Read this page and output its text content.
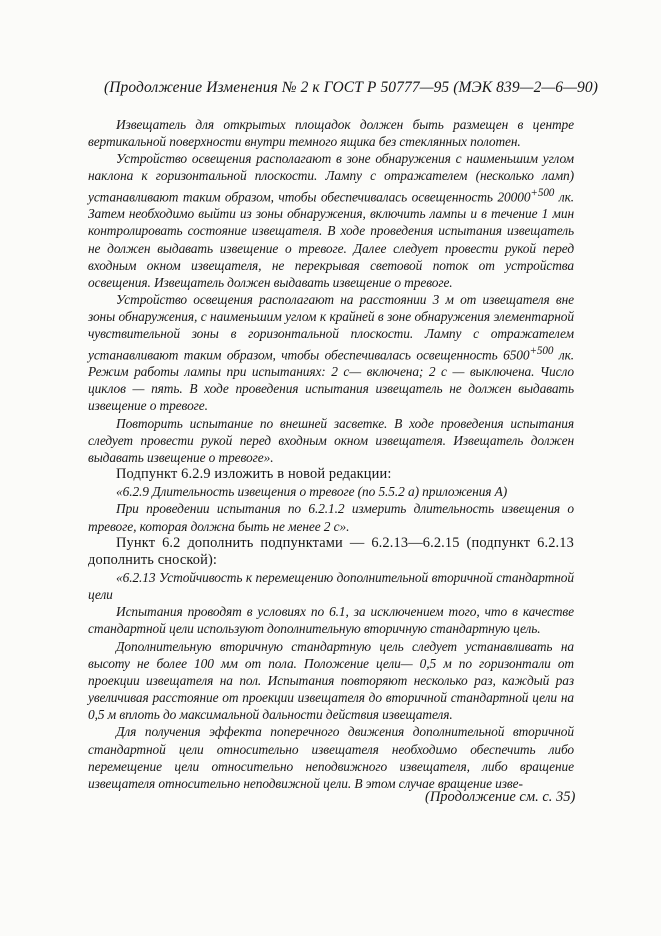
(Продолжение Изменения № 2 к ГОСТ Р 50777—95 (МЭК 839—2—6—90)

Извещатель для открытых площадок должен быть размещен в центре вертикальной поверхности внутри темного ящика без стеклянных полотен.

Устройство освещения располагают в зоне обнаружения с наименьшим углом наклона к горизонтальной плоскости. Лампу с отражателем (несколько ламп) устанавливают таким образом, чтобы обеспечивалась освещенность $20000^{+500}$ лк. Затем необходимо выйти из зоны обнаружения, включить лампы и в течение 1 мин контролировать состояние извещателя. В ходе проведения испытания извещатель не должен выдавать извещение о тревоге. Далее следует провести рукой перед входным окном извещателя, не перекрывая световой поток от устройства освещения. Извещатель должен выдавать извещение о тревоге.

Устройство освещения располагают на расстоянии 3 м от извещателя вне зоны обнаружения, с наименьшим углом к крайней в зоне обнаружения элементарной чувствительной зоны в горизонтальной плоскости. Лампу с отражателем устанавливают таким образом, чтобы обеспечивалась освещенность $6500^{+500}$ лк. Режим работы лампы при испытаниях: 2 с— включена; 2 с — выключена. Число циклов — пять. В ходе проведения испытания извещатель не должен выдавать извещение о тревоге.

Повторить испытание по внешней засветке. В ходе проведения испытания следует провести рукой перед входным окном извещателя. Извещатель должен выдавать извещение о тревоге».

Подпункт 6.2.9 изложить в новой редакции:

«6.2.9 Длительность извещения о тревоге (по 5.5.2 а) приложения А)

При проведении испытания по 6.2.1.2 измерить длительность извещения о тревоге, которая должна быть не менее 2 с».

Пункт 6.2 дополнить подпунктами — 6.2.13—6.2.15 (подпункт 6.2.13 дополнить сноской):

«6.2.13 Устойчивость к перемещению дополнительной вторичной стандартной цели

Испытания проводят в условиях по 6.1, за исключением того, что в качестве стандартной цели используют дополнительную вторичную стандартную цель.

Дополнительную вторичную стандартную цель следует устанавливать на высоту не более 100 мм от пола. Положение цели— 0,5 м по горизонтали от проекции извещателя на пол. Испытания повторяют несколько раз, каждый раз увеличивая расстояние от проекции извещателя до вторичной стандартной цели на 0,5 м вплоть до максимальной дальности действия извещателя.

Для получения эффекта поперечного движения дополнительной вторичной стандартной цели относительно извещателя необходимо обеспечить либо перемещение цели относительно неподвижного извещателя, либо вращение извещателя относительно неподвижной цели. В этом случае вращение изве-

(Продолжение см. с. 35)
